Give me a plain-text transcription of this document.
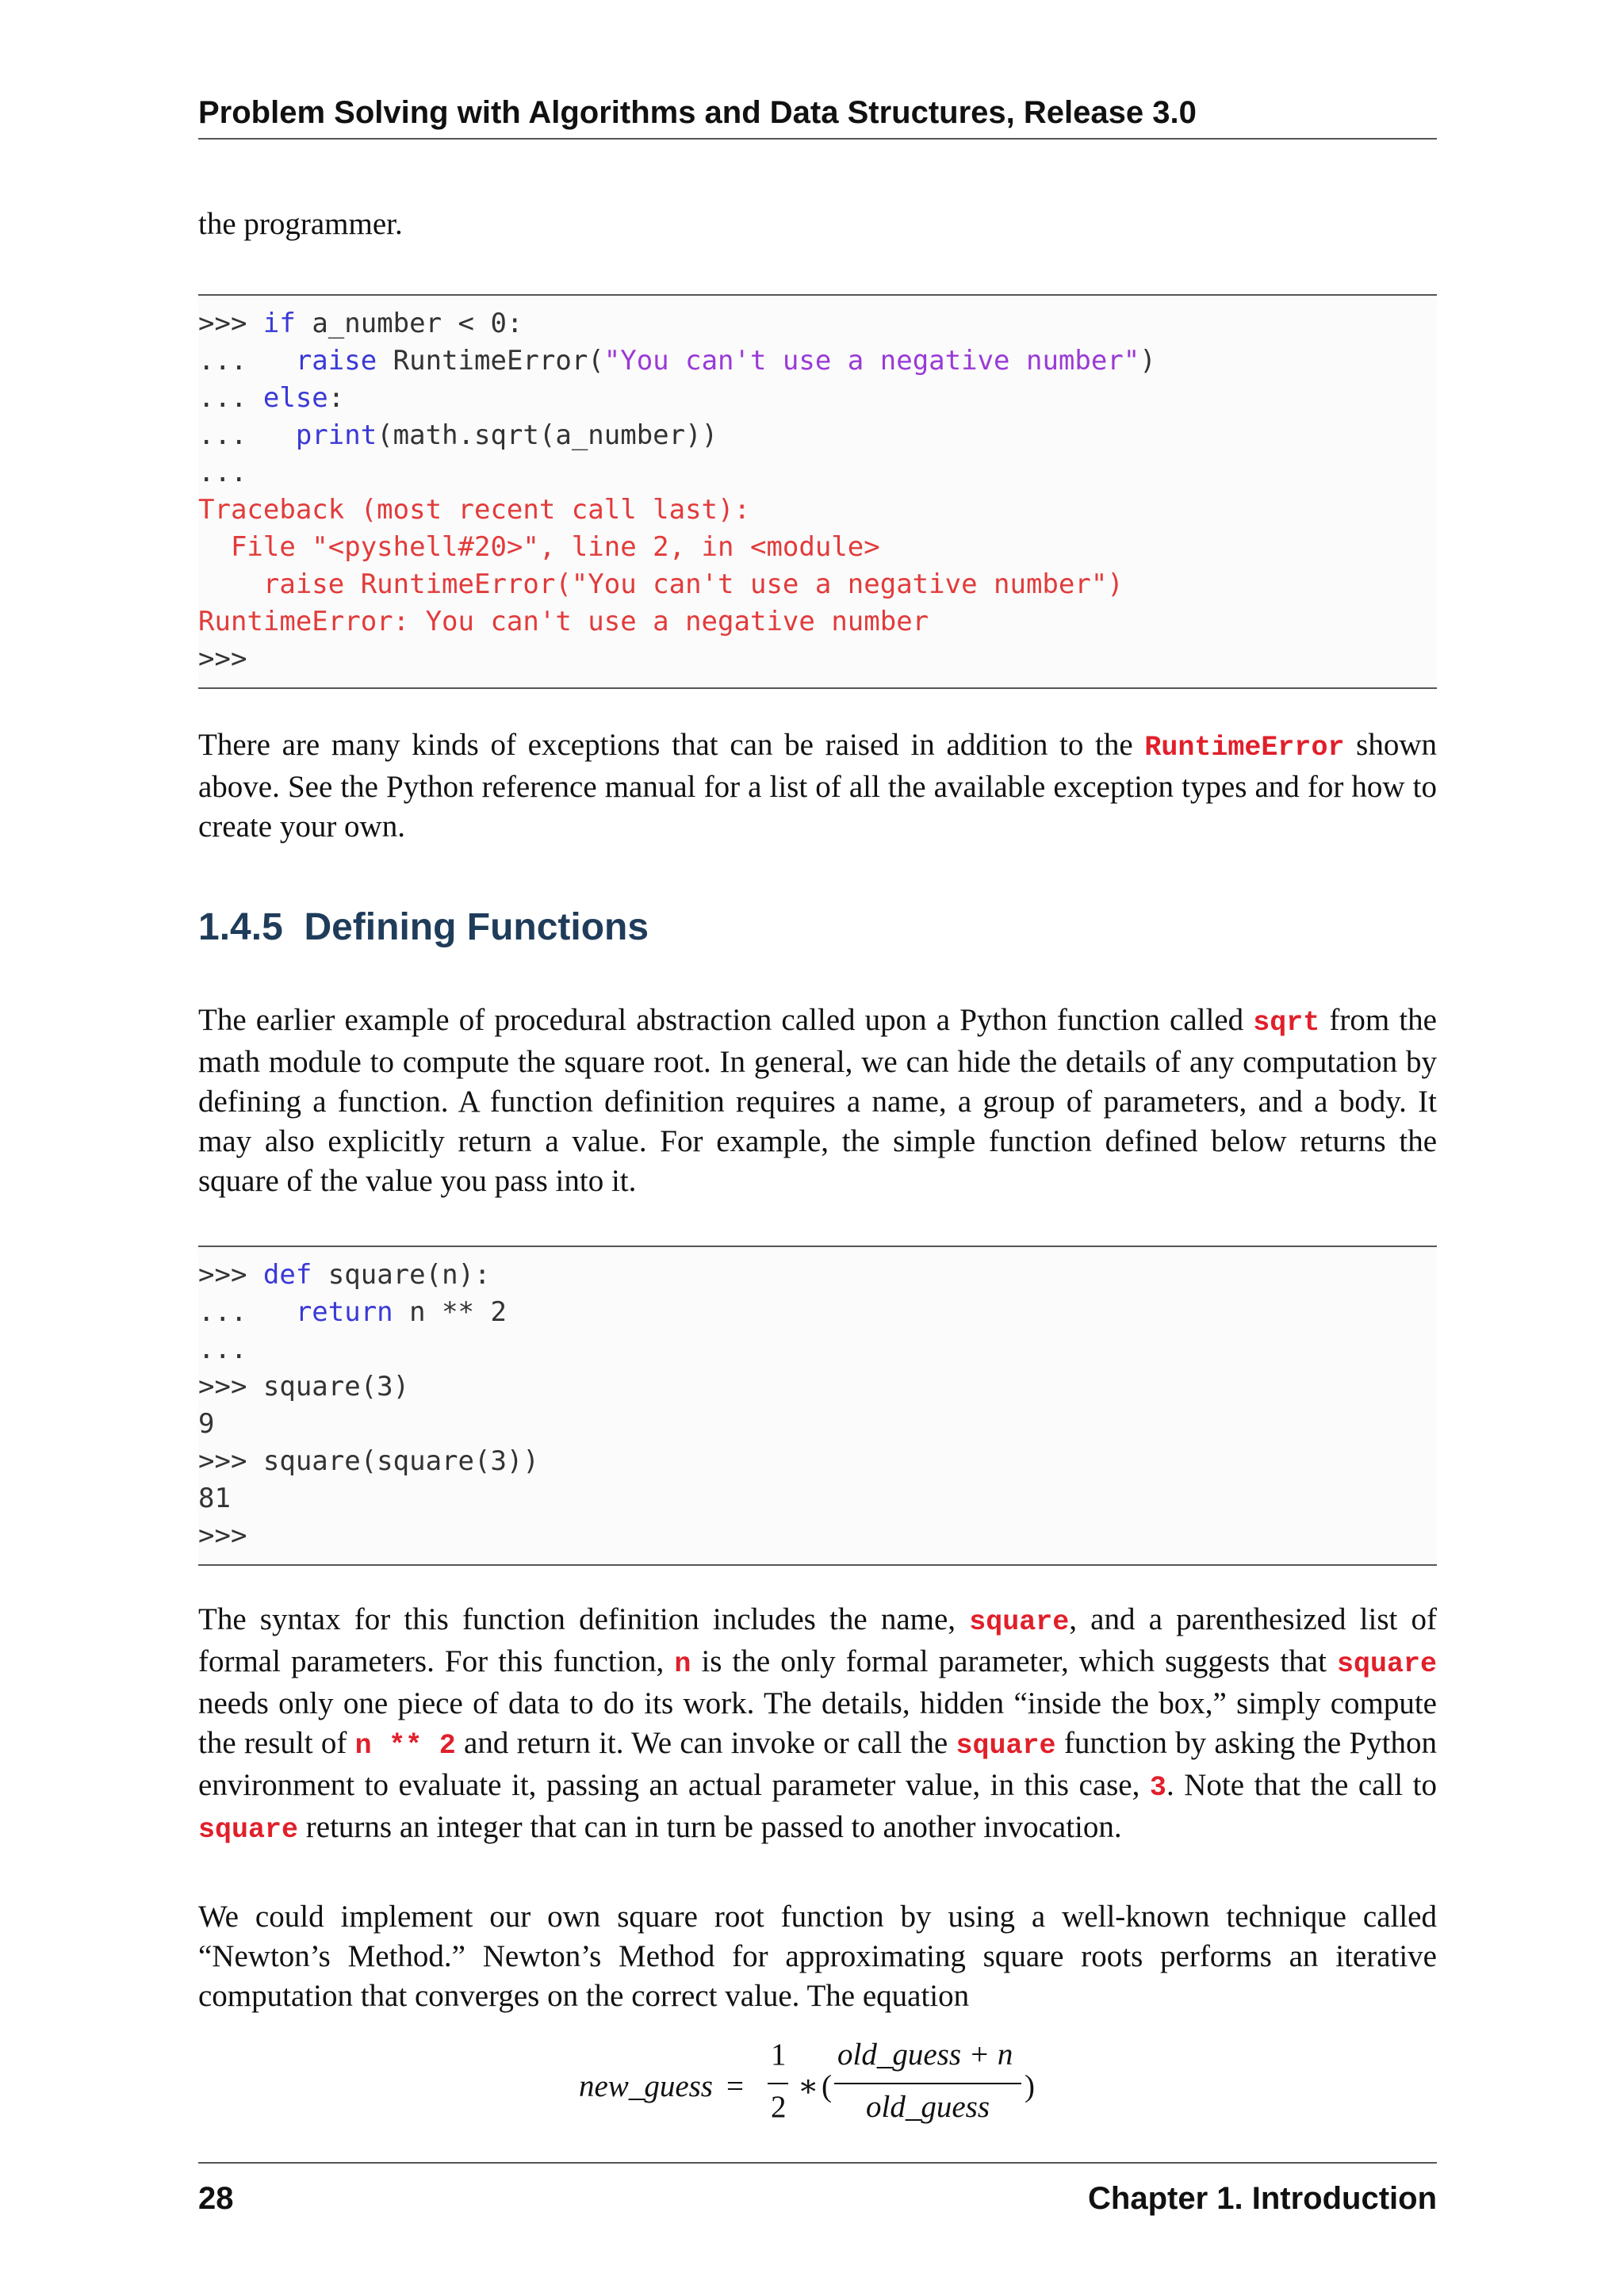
Problem Solving with Algorithms and Data Structures, Release 3.0

the programmer.

>>> if a_number < 0:
...   raise RuntimeError("You can't use a negative number")
... else:
...   print(math.sqrt(a_number))
...
Traceback (most recent call last):
File "<pyshell#20>", line 2, in <module>
raise RuntimeError("You can't use a negative number")
RuntimeError: You can't use a negative number
>>>

There are many kinds of exceptions that can be raised in addition to the RuntimeError shown above. See the Python reference manual for a list of all the available exception types and for how to create your own.

1.4.5 Defining Functions

The earlier example of procedural abstraction called upon a Python function called sqrt from the math module to compute the square root. In general, we can hide the details of any computation by defining a function. A function definition requires a name, a group of parameters, and a body. It may also explicitly return a value. For example, the simple function defined below returns the square of the value you pass into it.

>>> def square(n):
...   return n ** 2
...
>>> square(3)
9
>>> square(square(3))
81
>>>

The syntax for this function definition includes the name, square, and a parenthesized list of formal parameters. For this function, n is the only formal parameter, which suggests that square needs only one piece of data to do its work. The details, hidden “inside the box,” simply compute the result of n ** 2 and return it. We can invoke or call the square function by asking the Python environment to evaluate it, passing an actual parameter value, in this case, 3. Note that the call to square returns an integer that can in turn be passed to another invocation.

We could implement our own square root function by using a well-known technique called “Newton’s Method.” Newton’s Method for approximating square roots performs an iterative computation that converges on the correct value. The equation

new_guess =
1
2
∗ (
old_guess + n
old_guess
)
28	Chapter 1. Introduction
